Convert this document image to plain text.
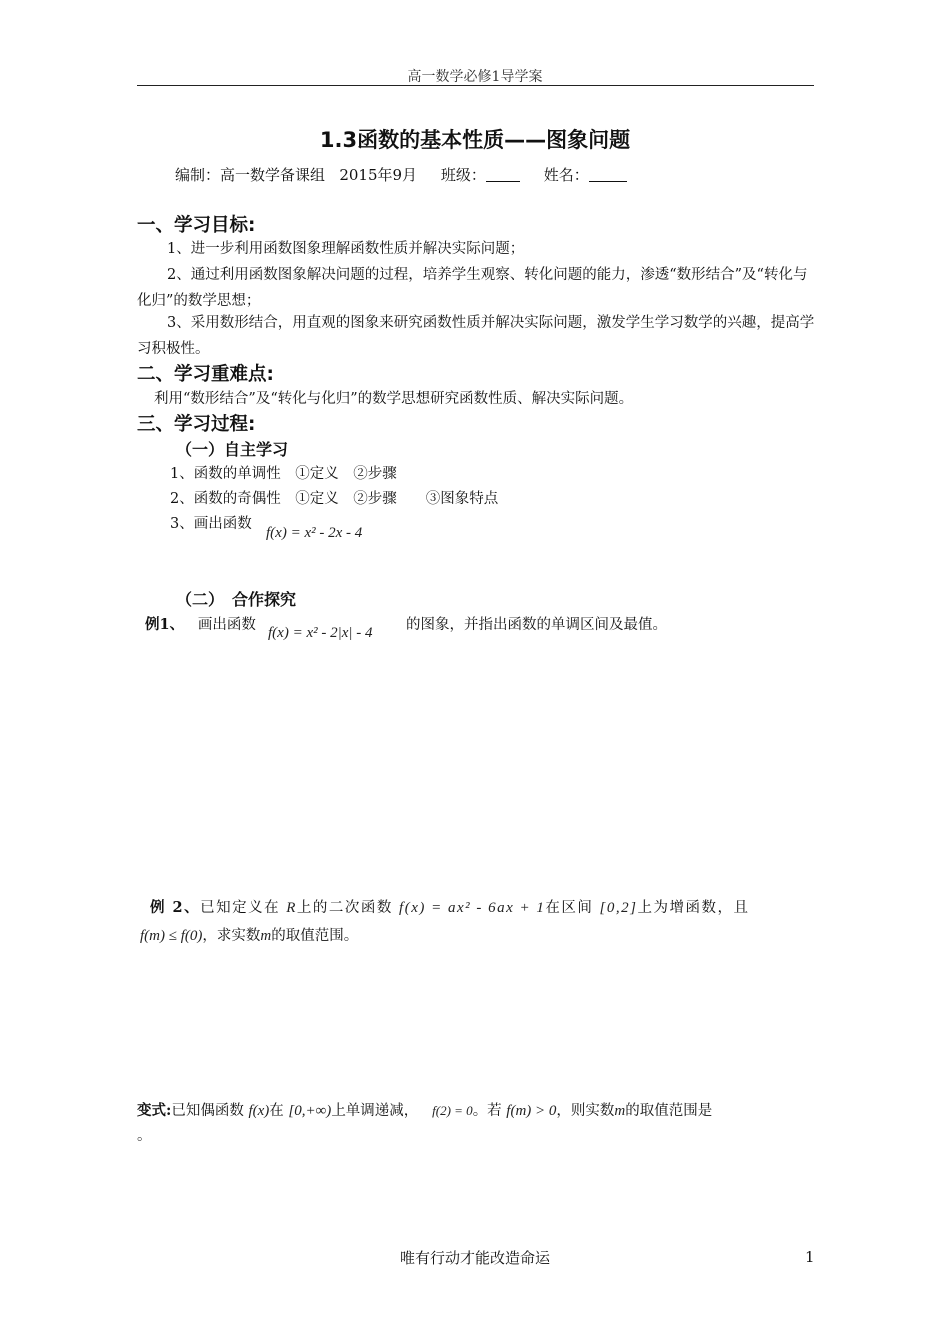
高一数学必修1导学案
1.3函数的基本性质——图象问题
编制：高一数学备课组 2015年9月 班级：	姓名：
一、学习目标:
1、进一步利用函数图象理解函数性质并解决实际问题；
2、通过利用函数图象解决问题的过程，培养学生观察、转化问题的能力，渗透“数形结合”及“转化与化归”的数学思想；
3、采用数形结合，用直观的图象来研究函数性质并解决实际问题，激发学生学习数学的兴趣，提高学习积极性。
二、学习重难点:
利用“数形结合”及“转化与化归”的数学思想研究函数性质、解决实际问题。
三、学习过程:
（一）自主学习
1、函数的单调性　①定义　②步骤
2、函数的奇偶性　①定义　②步骤　　③图象特点
3、画出函数
f(x) = x² - 2x - 4
（二）　合作探究
例1、 画出函数 f(x) = x² - 2|x| - 4 的图象，并指出函数的单调区间及最值。
例 2、已知定义在 R上的二次函数 f(x) = ax² - 6ax + 1在区间 [0,2]上为增函数，且
f(m) ≤ f(0)，求实数m的取值范围。
变式:已知偶函数 f(x)在 [0,+∞)上单调递减， f(2) = 0。若 f(m) > 0，则实数m的取值范围是
。
唯有行动才能改造命运	1
